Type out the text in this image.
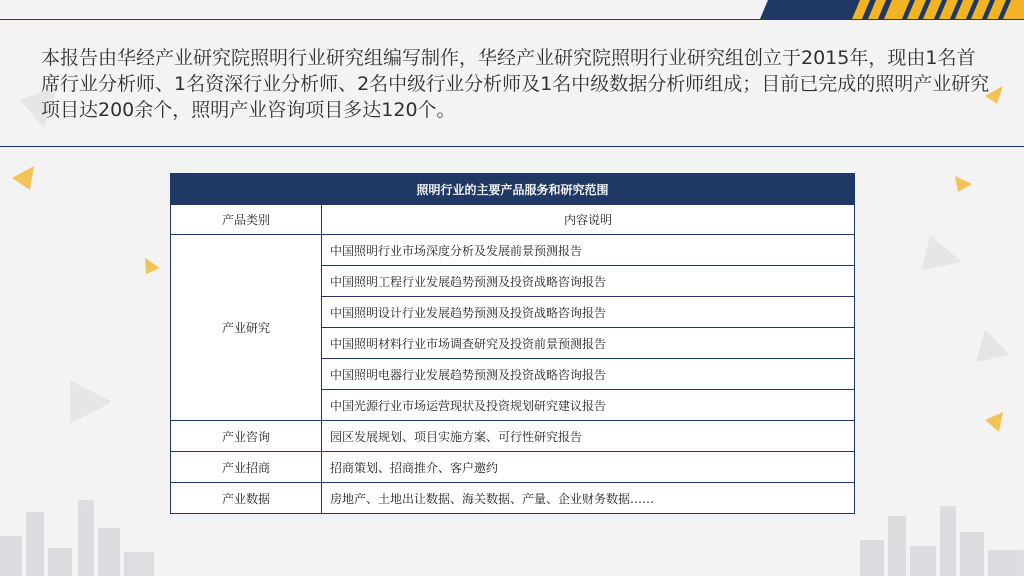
本报告由华经产业研究院照明行业研究组编写制作，华经产业研究院照明行业研究组创立于2015年，现由1名首席行业分析师、1名资深行业分析师、2名中级行业分析师及1名中级数据分析师组成；目前已完成的照明产业研究项目达200余个，照明产业咨询项目多达120个。

照明行业的主要产品服务和研究范围	
产品类别	内容说明
产业研究	中国照明行业市场深度分析及发展前景预测报告
	中国照明工程行业发展趋势预测及投资战略咨询报告
	中国照明设计行业发展趋势预测及投资战略咨询报告
	中国照明材料行业市场调查研究及投资前景预测报告
	中国照明电器行业发展趋势预测及投资战略咨询报告
	中国光源行业市场运营现状及投资规划研究建议报告
产业咨询	园区发展规划、项目实施方案、可行性研究报告
产业招商	招商策划、招商推介、客户邀约
产业数据	房地产、土地出让数据、海关数据、产量、企业财务数据……
